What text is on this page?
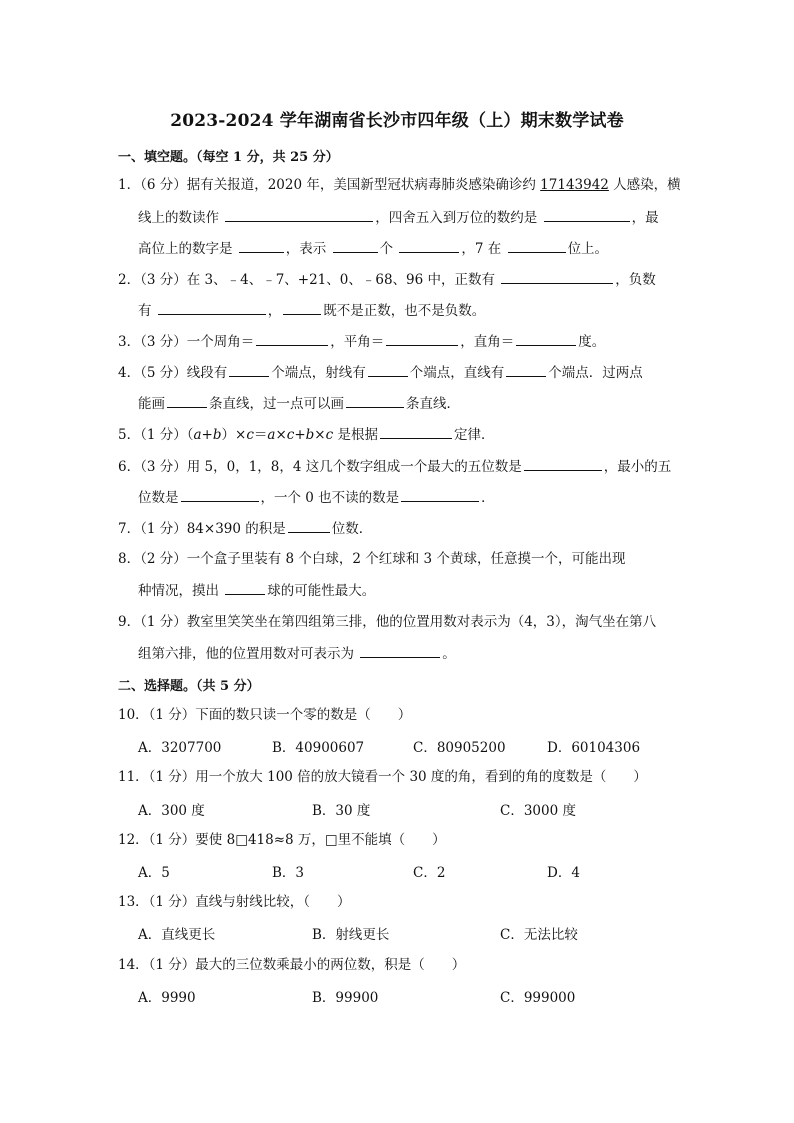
2023-2024 学年湖南省长沙市四年级（上）期末数学试卷
一、填空题。（每空 1 分，共 25 分）
1．（6 分）据有关报道，2020 年，美国新型冠状病毒肺炎感染确诊约 17143942 人感染，横
线上的数读作	，四舍五入到万位的数约是	，最
高位上的数字是	，表示	个	，7 在	位上。
2．（3 分）在 3、﹣4、﹣7、+21、0、﹣68、96 中，正数有	，负数
有	，	既不是正数，也不是负数。
3．（3 分）一个周角＝	，平角＝	，直角＝	度。
4．（5 分）线段有	个端点，射线有	个端点，直线有	个端点．过两点
能画	条直线，过一点可以画	条直线．
5．（1 分）（a+b）×c＝a×c+b×c 是根据	定律．
6．（3 分）用 5，0，1，8，4 这几个数字组成一个最大的五位数是	，最小的五
位数是	，一个 0 也不读的数是	．
7．（1 分）84×390 的积是	位数．
8．（2 分）一个盒子里装有 8 个白球，2 个红球和 3 个黄球，任意摸一个，可能出现
种情况，摸出	球的可能性最大。
9．（1 分）教室里笑笑坐在第四组第三排，他的位置用数对表示为（4，3），淘气坐在第八
组第六排，他的位置用数对可表示为	。
二、选择题。（共 5 分）
10．（1 分）下面的数只读一个零的数是（　　）
A．3207700	B．40900607	C．80905200	D．60104306
11．（1 分）用一个放大 100 倍的放大镜看一个 30 度的角，看到的角的度数是（　　）
A．300 度	B．30 度	C．3000 度
12．（1 分）要使 8□418≈8 万，□里不能填（　　）
A．5	B．3	C．2	D．4
13．（1 分）直线与射线比较，（　　）
A．直线更长	B．射线更长	C．无法比较
14．（1 分）最大的三位数乘最小的两位数，积是（　　）
A．9990	B．99900	C．999000
